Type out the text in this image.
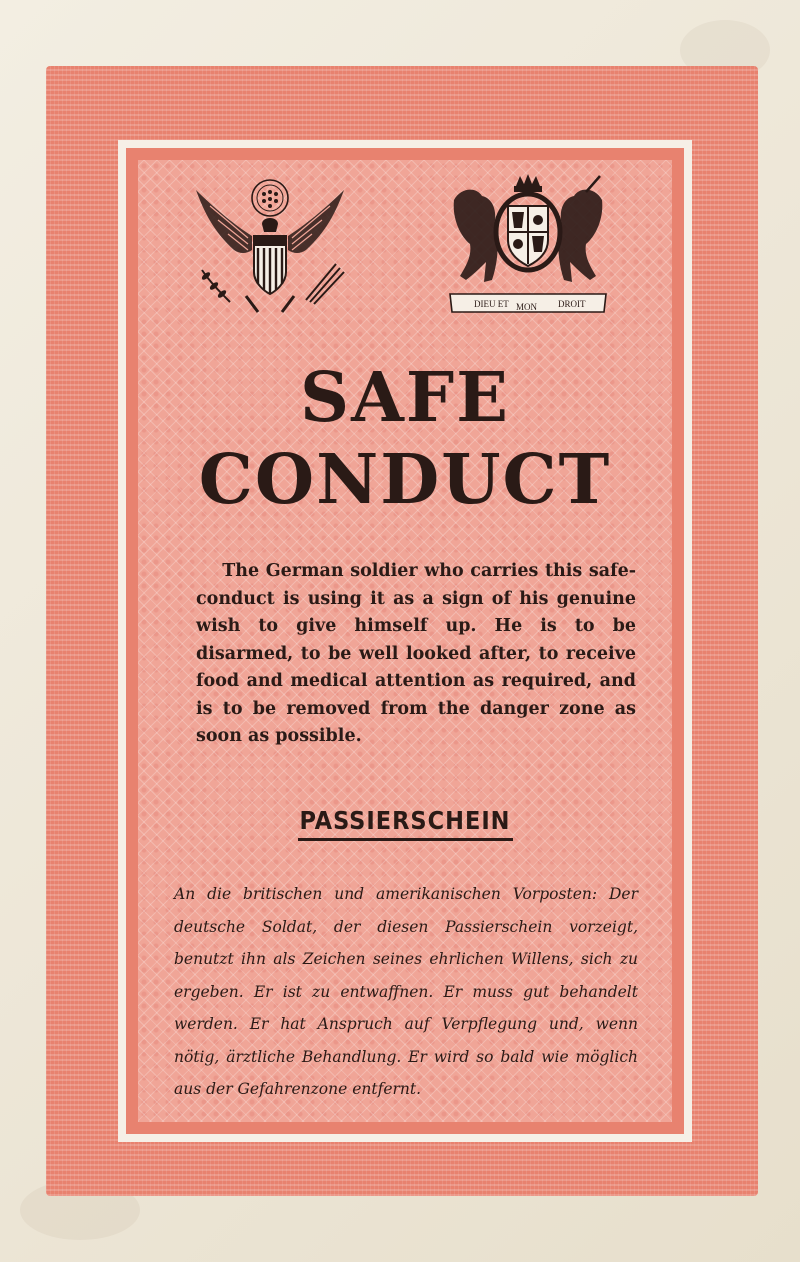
DIEU ET MON DROIT
SAFE
CONDUCT

The German soldier who carries this safe-conduct is using it as a sign of his genuine wish to give himself up. He is to be disarmed, to be well looked after, to receive food and medical attention as required, and is to be removed from the danger zone as soon as possible.

PASSIERSCHEIN

An die britischen und amerikanischen Vorposten: Der deutsche Soldat, der diesen Passierschein vorzeigt, benutzt ihn als Zeichen seines ehrlichen Willens, sich zu ergeben. Er ist zu entwaffnen. Er muss gut behandelt werden. Er hat Anspruch auf Verpflegung und, wenn nötig, ärztliche Behandlung. Er wird so bald wie möglich aus der Gefahrenzone entfernt.
